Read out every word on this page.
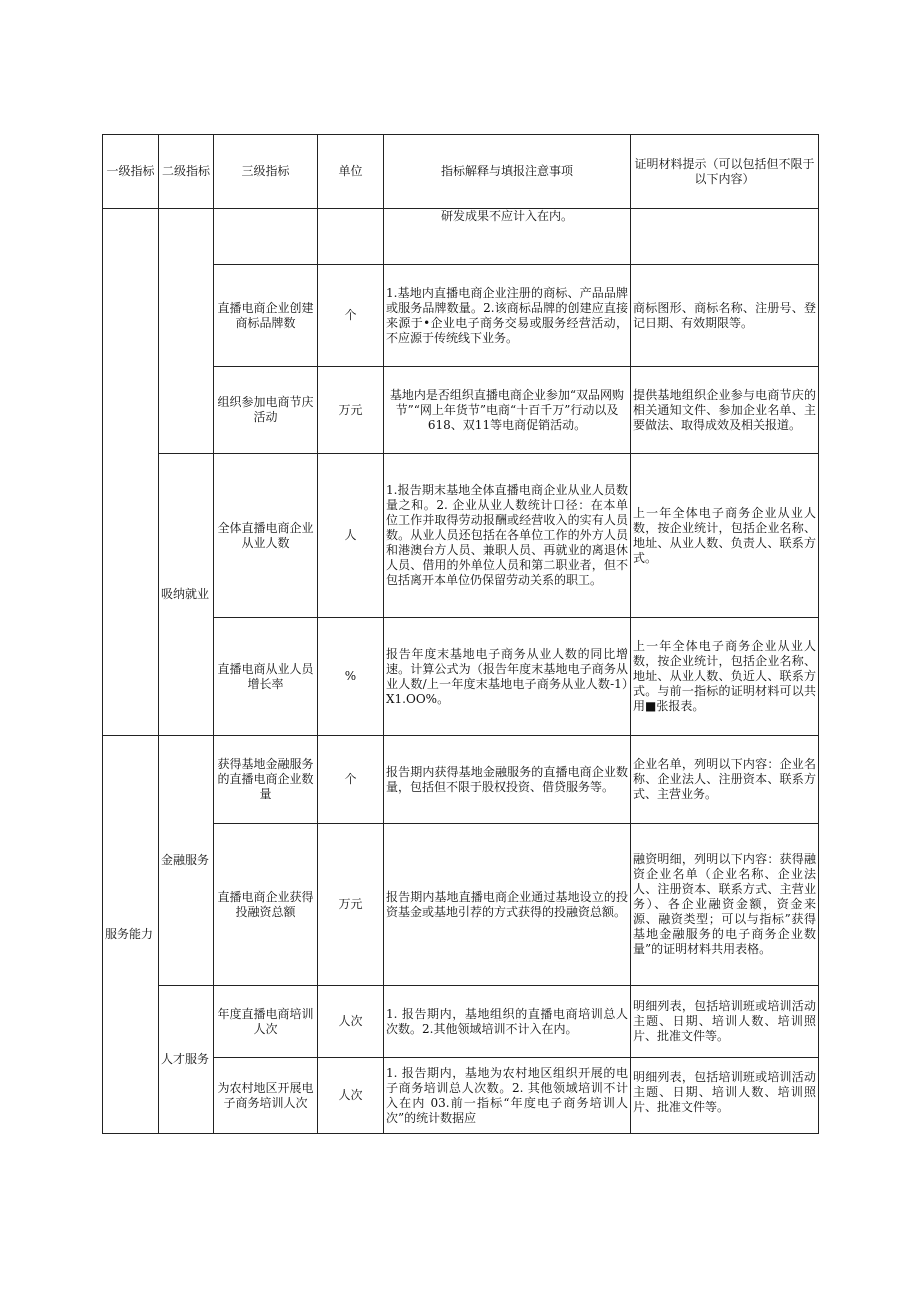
一级指标	二级指标	三级指标	单位	指标解释与填报注意事项	证明材料提示（可以包括但不限于以下内容）
				研发成果不应计入在内。	
		直播电商企业创建商标品牌数	个	1.基地内直播电商企业注册的商标、产品品牌或服务品牌数量。2.该商标品牌的创建应直接来源于•企业电子商务交易或服务经营活动，不应源于传统线下业务。	商标图形、商标名称、注册号、登记日期、有效期限等。
		组织参加电商节庆活动	万元	基地内是否组织直播电商企业参加“双品网购节”“网上年货节”电商“十百千万”行动以及618、双11等电商促销活动。	提供基地组织企业参与电商节庆的相关通知文件、参加企业名单、主要做法、取得成效及相关报道。
	吸纳就业	全体直播电商企业从业人数	人	1.报告期末基地全体直播电商企业从业人员数量之和。2. 企业从业人数统计口径：在本单位工作并取得劳动报酬或经营收入的实有人员数。从业人员还包括在各单位工作的外方人员和港澳台方人员、兼职人员、再就业的离退休人员、借用的外单位人员和第二职业者，但不包括离开本单位仍保留劳动关系的职工。	上一年全体电子商务企业从业人数，按企业统计，包括企业名称、地址、从业人数、负责人、联系方式。
		直播电商从业人员增长率	%	报告年度末基地电子商务从业人数的同比增速。计算公式为（报告年度末基地电子商务从业人数/上一年度末基地电子商务从业人数-1）X1.OO%。	上一年全体电子商务企业从业人数，按企业统计，包括企业名称、地址、从业人数、负近人、联系方式。与前一指标的证明材料可以共用■张报表。
服务能力	金融服务	获得基地金融服务的直播电商企业数量	个	报告期内获得基地金融服务的直播电商企业数量，包括但不限于股权投资、借贷服务等。	企业名单，列明以下内容：企业名称、企业法人、注册资本、联系方式、主营业务。
		直播电商企业获得投融资总额	万元	报告期内基地直播电商企业通过基地设立的投资基金或基地引荐的方式获得的投融资总额。	融资明细，列明以下内容：获得融资企业名单（企业名称、企业法人、注册资本、联系方式、主营业务）、各企业融资金额，资金来源、融资类型；可以与指标”获得基地金融服务的电子商务企业数量”的证明材料共用表格。
	人才服务	年度直播电商培训人次	人次	1. 报告期内，基地组织的直播电商培训总人次数。2.其他领域培训不计入在内。	明细列表，包括培训班或培训活动主题、日期、培训人数、培训照片、批准文件等。
		为农村地区开展电子商务培训人次	人次	1. 报告期内，基地为农村地区组织开展的电子商务培训总人次数。2. 其他领域培训不计入在内 03.前一指标“年度电子商务培训人次”的统计数据应	明细列表，包括培训班或培训活动主题、日期、培训人数、培训照片、批准文件等。
